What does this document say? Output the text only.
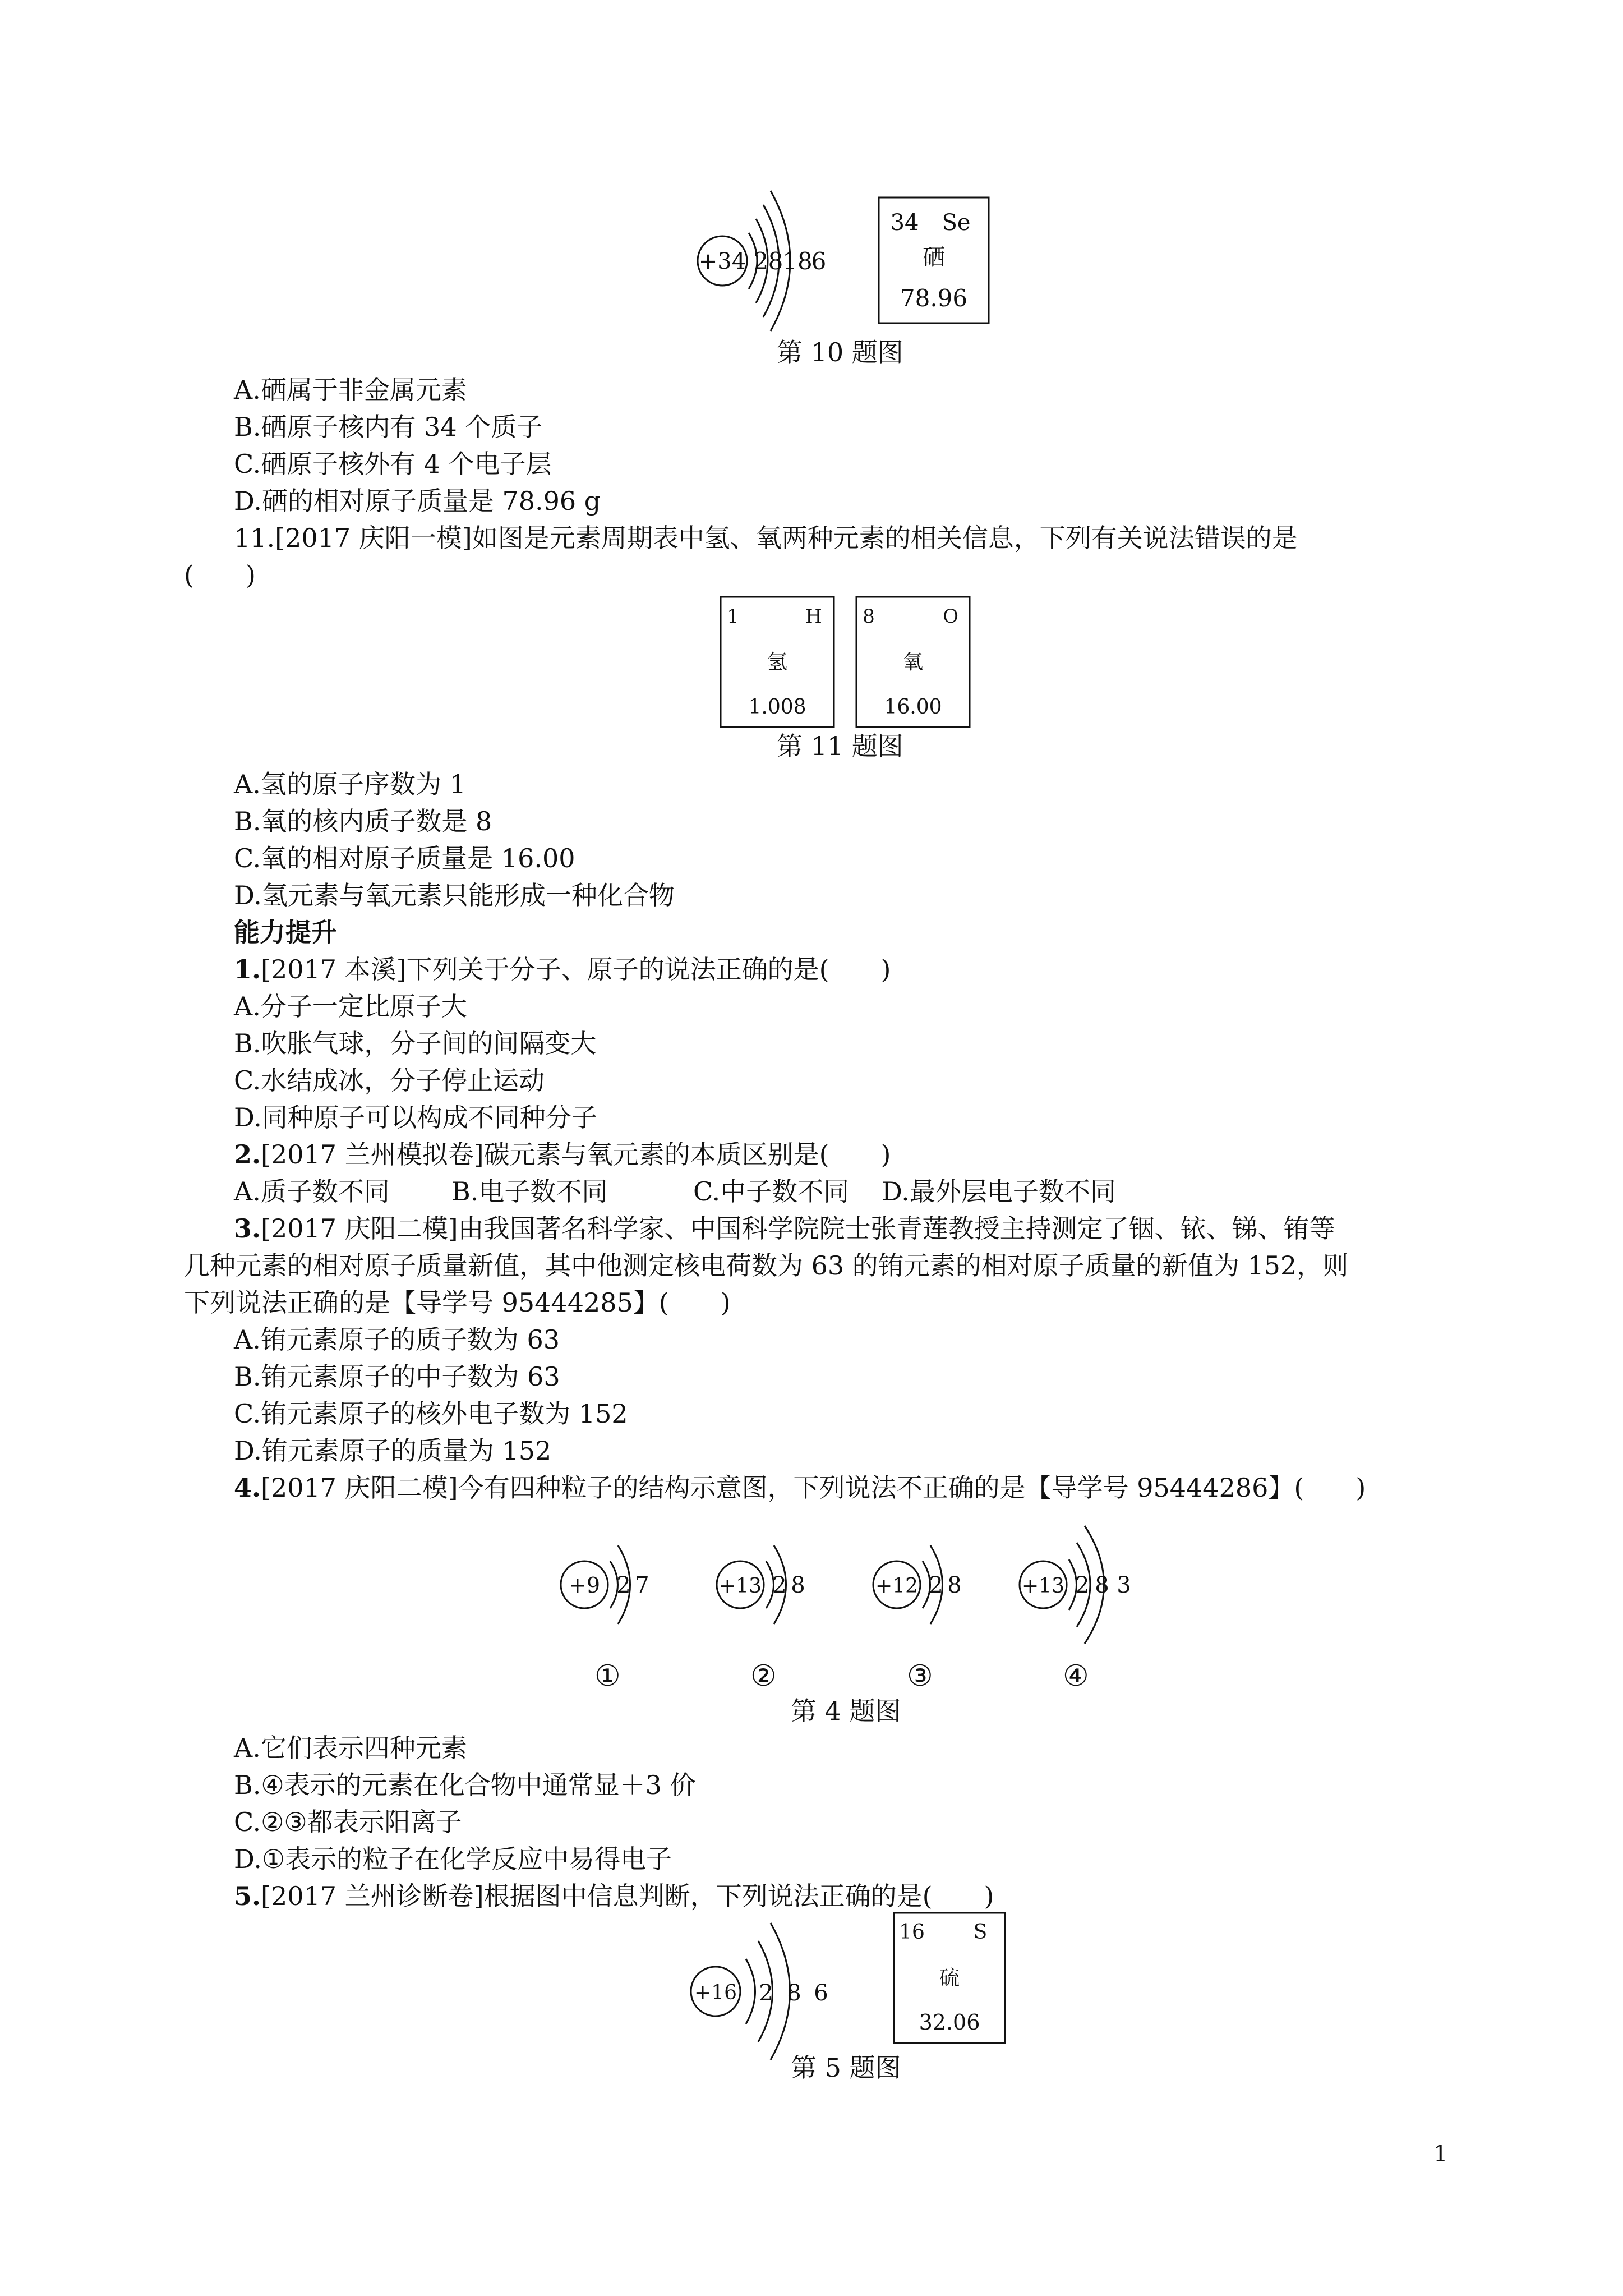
+34 2 8
18
6
34 Se
硒
78.96
第 10 题图
A.硒属于非金属元素
B.硒原子核内有 34 个质子
C.硒原子核外有 4 个电子层
D.硒的相对原子质量是 78.96 g
11.[2017 庆阳一模]如图是元素周期表中氢、氧两种元素的相关信息，下列有关说法错误的是
(　　)
1	H
氢
1.008
8	O
氧
16.00
第 11 题图
A.氢的原子序数为 1
B.氧的核内质子数是 8
C.氧的相对原子质量是 16.00
D.氢元素与氧元素只能形成一种化合物
能力提升
1.[2017 本溪]下列关于分子、原子的说法正确的是(　　)
A.分子一定比原子大
B.吹胀气球，分子间的间隔变大
C.水结成冰，分子停止运动
D.同种原子可以构成不同种分子
2.[2017 兰州模拟卷]碳元素与氧元素的本质区别是(　　)
A.质子数不同 B.电子数不同	C.中子数不同 D.最外层电子数不同
3.[2017 庆阳二模]由我国著名科学家、中国科学院院士张青莲教授主持测定了铟、铱、锑、铕等
几种元素的相对原子质量新值，其中他测定核电荷数为 63 的铕元素的相对原子质量的新值为 152，则
下列说法正确的是【导学号 95444285】(　　)
A.铕元素原子的质子数为 63
B.铕元素原子的中子数为 63
C.铕元素原子的核外电子数为 152
D.铕元素原子的质量为 152
4.[2017 庆阳二模]今有四种粒子的结构示意图，下列说法不正确的是【导学号 95444286】(　　)
+9 2 7	+13 2 8	+12 2 8	+13 2 8 3
①	②	③	④
第 4 题图
A.它们表示四种元素
B.④表示的元素在化合物中通常显＋3 价
C.②③都表示阳离子
D.①表示的粒子在化学反应中易得电子
5.[2017 兰州诊断卷]根据图中信息判断，下列说法正确的是(　　)
+16 2 8 6
16 S
硫
32.06
第 5 题图
1
